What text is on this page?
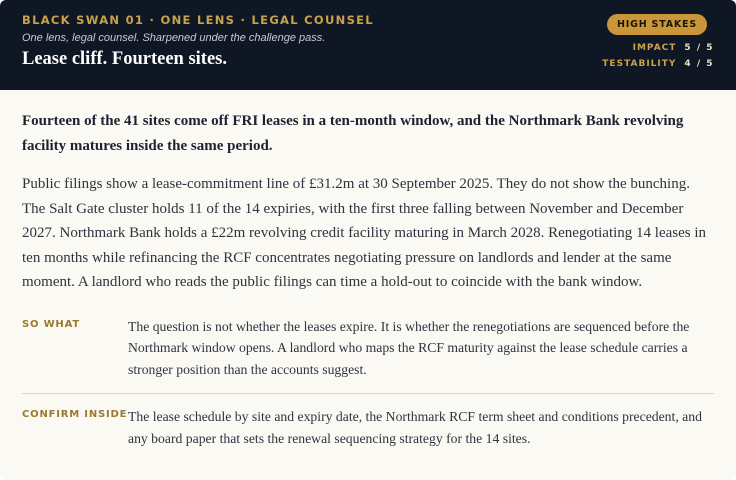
BLACK SWAN 01 · ONE LENS · LEGAL COUNSEL
One lens, legal counsel. Sharpened under the challenge pass.
Lease cliff. Fourteen sites.
HIGH STAKES
IMPACT 5 / 5
TESTABILITY 4 / 5

Fourteen of the 41 sites come off FRI leases in a ten-month window, and the Northmark Bank revolving facility matures inside the same period.

Public filings show a lease-commitment line of £31.2m at 30 September 2025. They do not show the bunching. The Salt Gate cluster holds 11 of the 14 expiries, with the first three falling between November and December 2027. Northmark Bank holds a £22m revolving credit facility maturing in March 2028. Renegotiating 14 leases in ten months while refinancing the RCF concentrates negotiating pressure on landlords and lender at the same moment. A landlord who reads the public filings can time a hold-out to coincide with the bank window.

SO WHAT	The question is not whether the leases expire. It is whether the renegotiations are sequenced before the Northmark window opens. A landlord who maps the RCF maturity against the lease schedule carries a stronger position than the accounts suggest.
CONFIRM INSIDE The lease schedule by site and expiry date, the Northmark RCF term sheet and conditions precedent, and any board paper that sets the renewal sequencing strategy for the 14 sites.
